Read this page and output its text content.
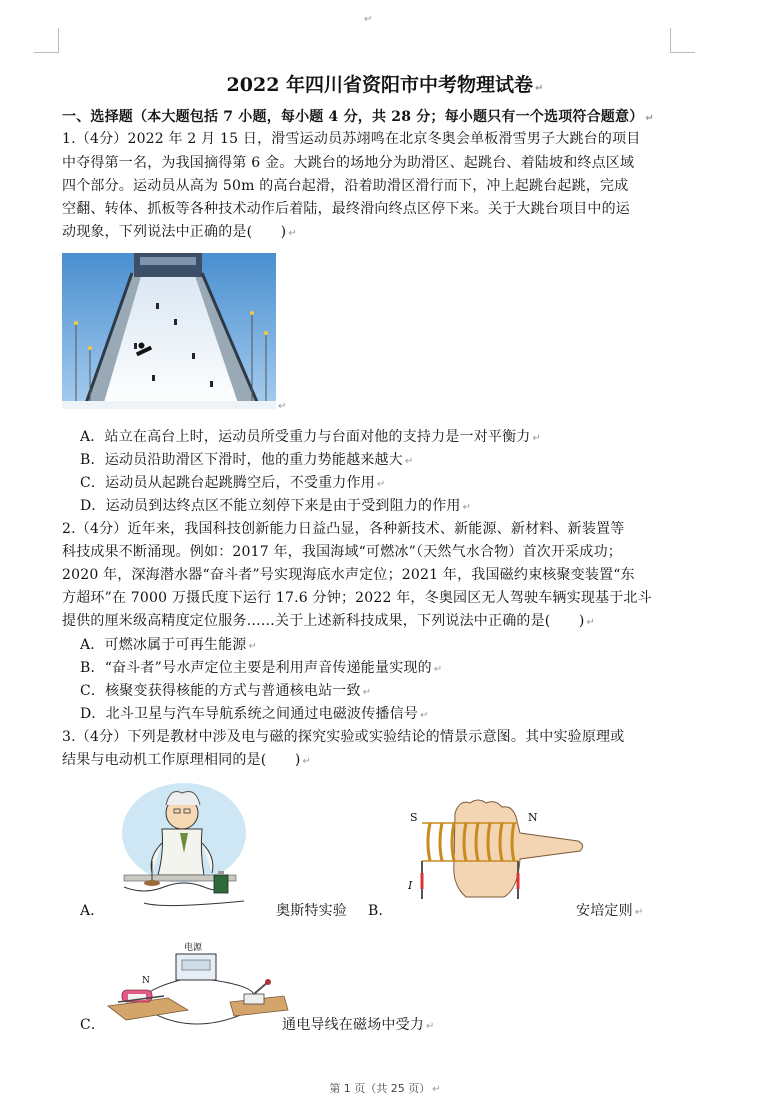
↵
2022 年四川省资阳市中考物理试卷 ↵
一、选择题（本大题包括 7 小题，每小题 4 分，共 28 分；每小题只有一个选项符合题意） ↵
1.（4分）2022 年 2 月 15 日，滑雪运动员苏翊鸣在北京冬奥会单板滑雪男子大跳台的项目
中夺得第一名，为我国摘得第 6 金。大跳台的场地分为助滑区、起跳台、着陆坡和终点区域
四个部分。运动员从高为 50m 的高台起滑，沿着助滑区滑行而下，冲上起跳台起跳，完成
空翻、转体、抓板等各种技术动作后着陆，最终滑向终点区停下来。关于大跳台项目中的运
动现象，下列说法中正确的是(　　) ↵
↵
A．站立在高台上时，运动员所受重力与台面对他的支持力是一对平衡力 ↵
B．运动员沿助滑区下滑时，他的重力势能越来越大 ↵
C．运动员从起跳台起跳腾空后，不受重力作用 ↵
D．运动员到达终点区不能立刻停下来是由于受到阻力的作用 ↵
2.（4分）近年来，我国科技创新能力日益凸显，各种新技术、新能源、新材料、新装置等
科技成果不断涌现。例如：2017 年，我国海域“可燃冰”（天然气水合物）首次开采成功；
2020 年，深海潜水器“奋斗者”号实现海底水声定位；2021 年，我国磁约束核聚变装置“东
方超环”在 7000 万摄氏度下运行 17.6 分钟；2022 年，冬奥园区无人驾驶车辆实现基于北斗
提供的厘米级高精度定位服务……关于上述新科技成果，下列说法中正确的是(　　) ↵
A．可燃冰属于可再生能源 ↵
B．“奋斗者”号水声定位主要是利用声音传递能量实现的 ↵
C．核聚变获得核能的方式与普通核电站一致 ↵
D．北斗卫星与汽车导航系统之间通过电磁波传播信号 ↵
3.（4分）下列是教材中涉及电与磁的探究实验或实验结论的情景示意图。其中实验原理或
结果与电动机工作原理相同的是(　　) ↵
A．	奥斯特实验 B．
S	N
I
安培定则 ↵
电源
N
C．	通电导线在磁场中受力 ↵
第 1 页（共 25 页） ↵
